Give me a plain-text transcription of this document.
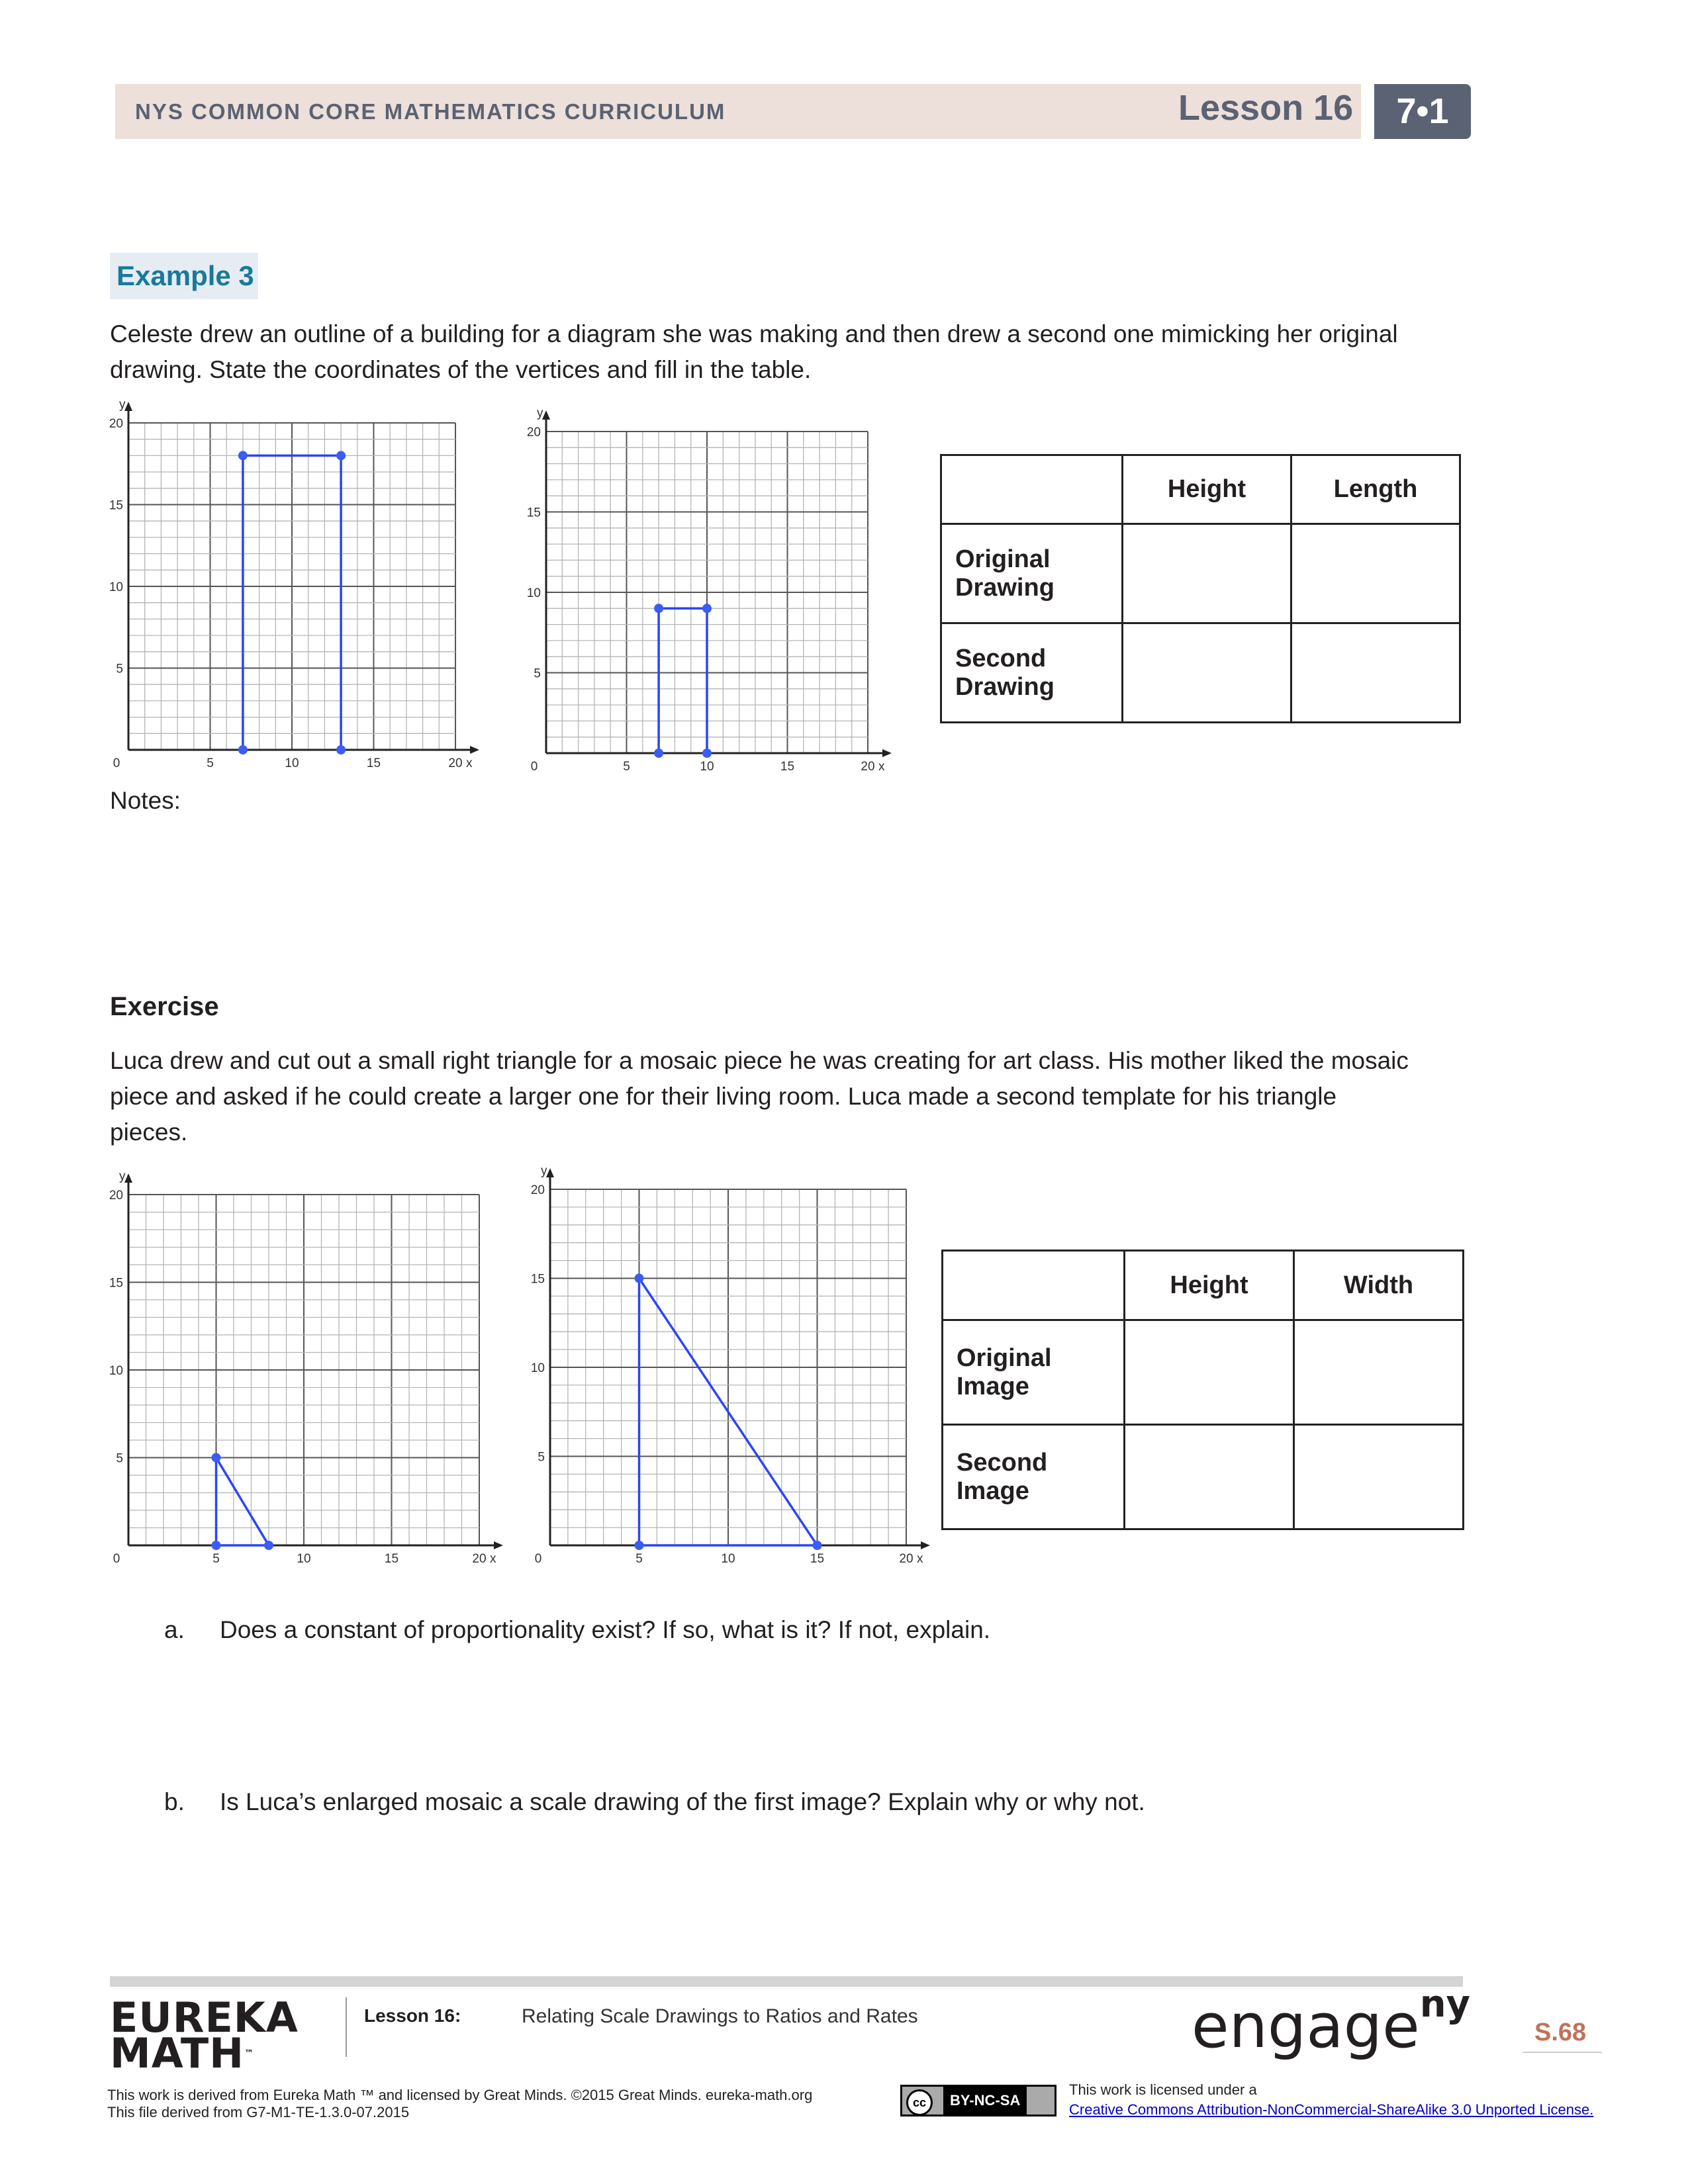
NYS COMMON CORE MATHEMATICS CURRICULUM	Lesson 16	7•1
Example 3
Celeste drew an outline of a building for a diagram she was making and then drew a second one mimicking her original
drawing. State the coordinates of the vertices and fill in the table.
x
y
0	5
5
10
10
15
15
20
20
x
y
0	5
5
10
10
15
15
20
20
	Height	Length
Original
Drawing		
Second
Drawing		
Notes:
Exercise
Luca drew and cut out a small right triangle for a mosaic piece he was creating for art class. His mother liked the mosaic
piece and asked if he could create a larger one for their living room. Luca made a second template for his triangle
pieces.
x
y
0	5
5
10
10
15
15
20
20
x
y
0	5
5
10
10
15
15
20
20
	Height	Width
Original
Image		
Second
Image		
a. Does a constant of proportionality exist? If so, what is it? If not, explain.
b. Is Luca’s enlarged mosaic a scale drawing of the first image? Explain why or why not.
EUREKA
MATH™
Lesson 16:	Relating Scale Drawings to Ratios and Rates	engage$^{ny}$
S.68
This work is derived from Eureka Math ™ and licensed by Great Minds. ©2015 Great Minds. eureka-math.org
This file derived from G7-M1-TE-1.3.0-07.2015
cc	BY-NC-SA
This work is licensed under a
Creative Commons Attribution-NonCommercial-ShareAlike 3.0 Unported License.
